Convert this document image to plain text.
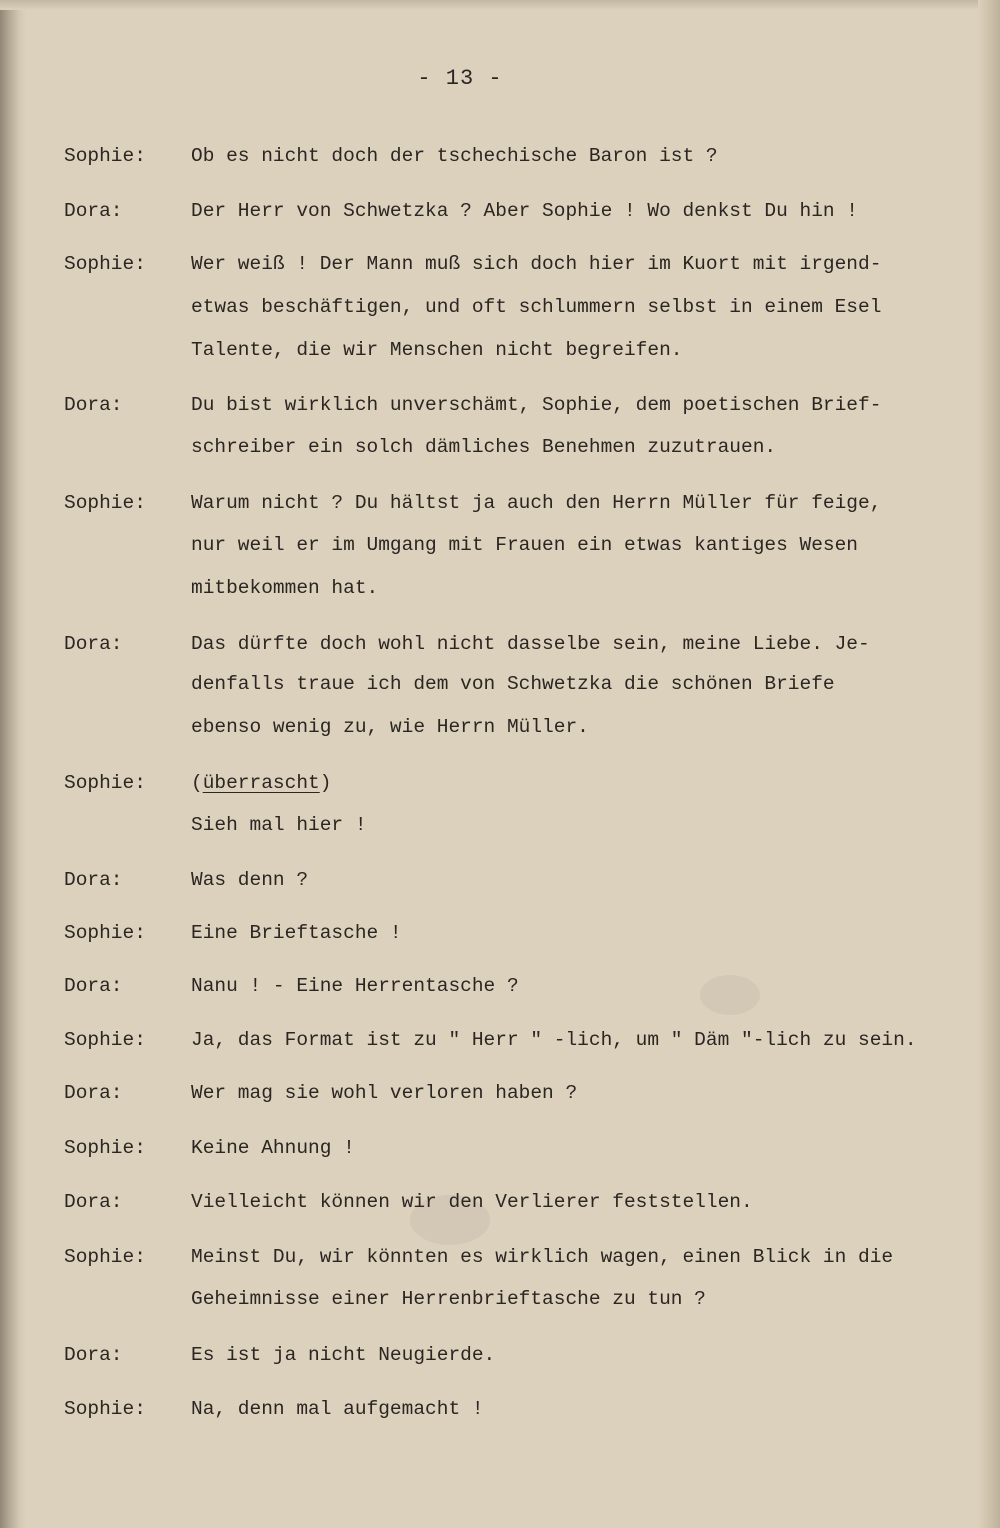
- 13 -
Sophie: Ob es nicht doch der tschechische Baron ist ?
Dora:	Der Herr von Schwetzka ? Aber Sophie ! Wo denkst Du hin !
Sophie: Wer weiß ! Der Mann muß sich doch hier im Kuort mit irgend-
etwas beschäftigen, und oft schlummern selbst in einem Esel
Talente, die wir Menschen nicht begreifen.
Dora:	Du bist wirklich unverschämt, Sophie, dem poetischen Brief-
schreiber ein solch dämliches Benehmen zuzutrauen.
Sophie: Warum nicht ? Du hältst ja auch den Herrn Müller für feige,
nur weil er im Umgang mit Frauen ein etwas kantiges Wesen
mitbekommen hat.
Dora:	Das dürfte doch wohl nicht dasselbe sein, meine Liebe. Je-
denfalls traue ich dem von Schwetzka die schönen Briefe
ebenso wenig zu, wie Herrn Müller.
Sophie: (überrascht)
Sieh mal hier !
Dora:	Was denn ?
Sophie: Eine Brieftasche !
Dora:	Nanu ! - Eine Herrentasche ?
Sophie: Ja, das Format ist zu " Herr " -lich, um " Däm "-lich zu sein.
Dora:	Wer mag sie wohl verloren haben ?
Sophie: Keine Ahnung !
Dora:	Vielleicht können wir den Verlierer feststellen.
Sophie: Meinst Du, wir könnten es wirklich wagen, einen Blick in die
Geheimnisse einer Herrenbrieftasche zu tun ?
Dora:	Es ist ja nicht Neugierde.
Sophie: Na, denn mal aufgemacht !
